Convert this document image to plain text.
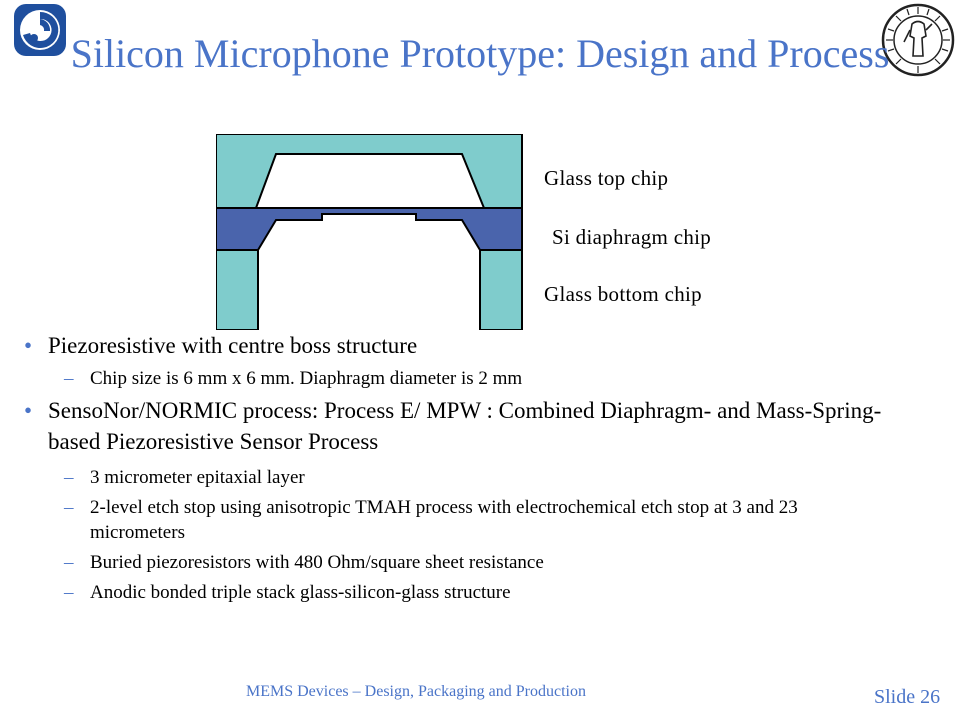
Silicon Microphone Prototype: Design and Process
Glass top chip
Si diaphragm chip
Glass bottom chip
• Piezoresistive with centre boss structure
– Chip size is 6 mm x 6 mm. Diaphragm diameter is 2 mm
• SensoNor/NORMIC process: Process E/ MPW : Combined Diaphragm- and Mass-Spring-based Piezoresistive Sensor Process
– 3 micrometer epitaxial layer
– 2-level etch stop using anisotropic TMAH process with electrochemical etch stop at 3 and 23 micrometers
– Buried piezoresistors with 480 Ohm/square sheet resistance
– Anodic bonded triple stack glass-silicon-glass structure
MEMS Devices – Design, Packaging and Production	Slide 26
